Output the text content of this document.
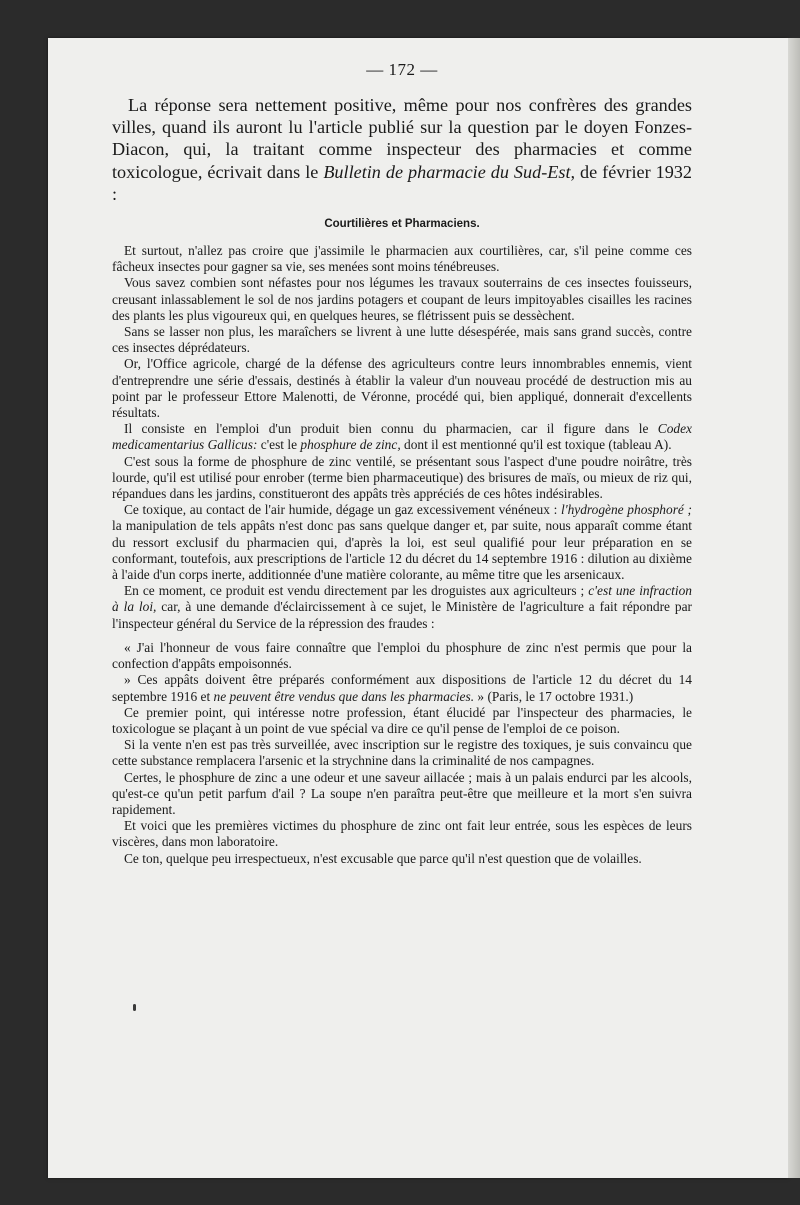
— 172 —

La réponse sera nettement positive, même pour nos confrères des grandes villes, quand ils auront lu l'article publié sur la question par le doyen Fonzes-Diacon, qui, la traitant comme inspecteur des pharmacies et comme toxicologue, écrivait dans le Bulletin de pharmacie du Sud-Est, de février 1932 :

Courtilières et Pharmaciens.

Et surtout, n'allez pas croire que j'assimile le pharmacien aux courtilières, car, s'il peine comme ces fâcheux insectes pour gagner sa vie, ses menées sont moins ténébreuses.

Vous savez combien sont néfastes pour nos légumes les travaux souterrains de ces insectes fouisseurs, creusant inlassablement le sol de nos jardins potagers et coupant de leurs impitoyables cisailles les racines des plants les plus vigoureux qui, en quelques heures, se flétrissent puis se dessèchent.

Sans se lasser non plus, les maraîchers se livrent à une lutte désespérée, mais sans grand succès, contre ces insectes déprédateurs.

Or, l'Office agricole, chargé de la défense des agriculteurs contre leurs innombrables ennemis, vient d'entreprendre une série d'essais, destinés à établir la valeur d'un nouveau procédé de destruction mis au point par le professeur Ettore Malenotti, de Véronne, procédé qui, bien appliqué, donnerait d'excellents résultats.

Il consiste en l'emploi d'un produit bien connu du pharmacien, car il figure dans le Codex medicamentarius Gallicus: c'est le phosphure de zinc, dont il est mentionné qu'il est toxique (tableau A).

C'est sous la forme de phosphure de zinc ventilé, se présentant sous l'aspect d'une poudre noirâtre, très lourde, qu'il est utilisé pour enrober (terme bien pharmaceutique) des brisures de maïs, ou mieux de riz qui, répandues dans les jardins, constitueront des appâts très appréciés de ces hôtes indésirables.

Ce toxique, au contact de l'air humide, dégage un gaz excessivement vénéneux : l'hydrogène phosphoré ; la manipulation de tels appâts n'est donc pas sans quelque danger et, par suite, nous apparaît comme étant du ressort exclusif du pharmacien qui, d'après la loi, est seul qualifié pour leur préparation en se conformant, toutefois, aux prescriptions de l'article 12 du décret du 14 septembre 1916 : dilution au dixième à l'aide d'un corps inerte, additionnée d'une matière colorante, au même titre que les arsenicaux.

En ce moment, ce produit est vendu directement par les droguistes aux agriculteurs ; c'est une infraction à la loi, car, à une demande d'éclaircissement à ce sujet, le Ministère de l'agriculture a fait répondre par l'inspecteur général du Service de la répression des fraudes :

« J'ai l'honneur de vous faire connaître que l'emploi du phosphure de zinc n'est permis que pour la confection d'appâts empoisonnés.

» Ces appâts doivent être préparés conformément aux dispositions de l'article 12 du décret du 14 septembre 1916 et ne peuvent être vendus que dans les pharmacies. » (Paris, le 17 octobre 1931.)

Ce premier point, qui intéresse notre profession, étant élucidé par l'inspecteur des pharmacies, le toxicologue se plaçant à un point de vue spécial va dire ce qu'il pense de l'emploi de ce poison.

Si la vente n'en est pas très surveillée, avec inscription sur le registre des toxiques, je suis convaincu que cette substance remplacera l'arsenic et la strychnine dans la criminalité de nos campagnes.

Certes, le phosphure de zinc a une odeur et une saveur aillacée ; mais à un palais endurci par les alcools, qu'est-ce qu'un petit parfum d'ail ? La soupe n'en paraîtra peut-être que meilleure et la mort s'en suivra rapidement.

Et voici que les premières victimes du phosphure de zinc ont fait leur entrée, sous les espèces de leurs viscères, dans mon laboratoire.

Ce ton, quelque peu irrespectueux, n'est excusable que parce qu'il n'est question que de volailles.
